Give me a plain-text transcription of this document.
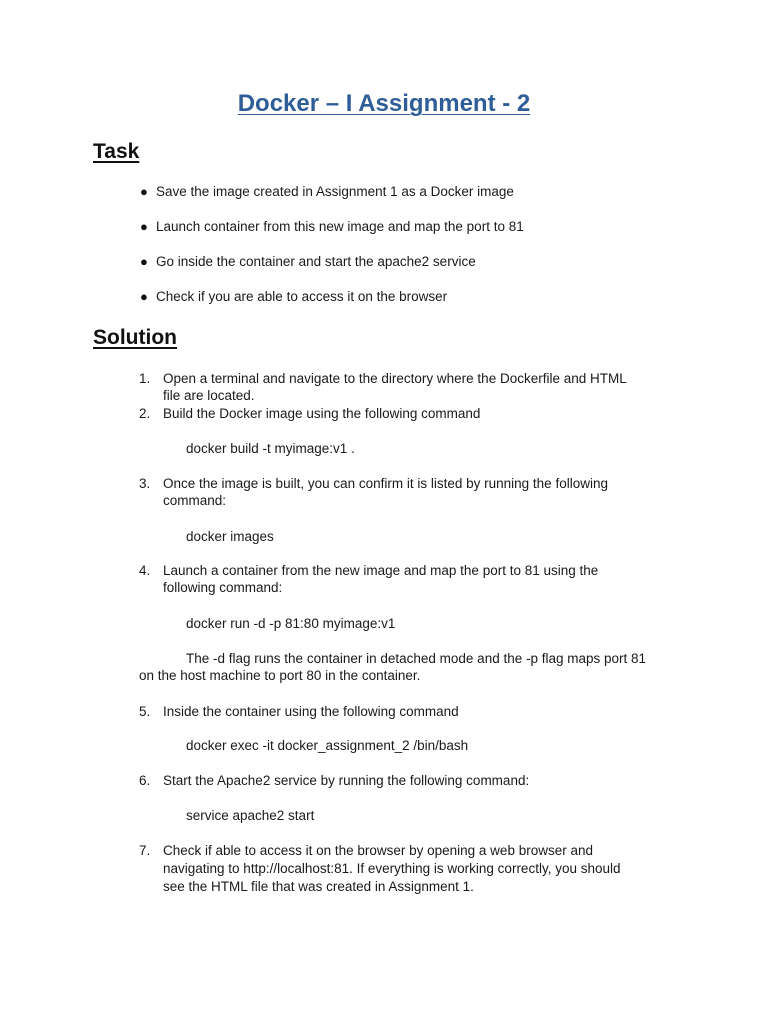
Docker – I Assignment - 2
Task
● Save the image created in Assignment 1 as a Docker image
● Launch container from this new image and map the port to 81
● Go inside the container and start the apache2 service
● Check if you are able to access it on the browser
Solution
1. Open a terminal and navigate to the directory where the Dockerfile and HTML
file are located.
2. Build the Docker image using the following command
docker build -t myimage:v1 .
3. Once the image is built, you can confirm it is listed by running the following
command:
docker images
4. Launch a container from the new image and map the port to 81 using the
following command:
docker run -d -p 81:80 myimage:v1
The -d flag runs the container in detached mode and the -p flag maps port 81
on the host machine to port 80 in the container.
5. Inside the container using the following command
docker exec -it docker_assignment_2 /bin/bash
6. Start the Apache2 service by running the following command:
service apache2 start
7. Check if able to access it on the browser by opening a web browser and
navigating to http://localhost:81. If everything is working correctly, you should
see the HTML file that was created in Assignment 1.
